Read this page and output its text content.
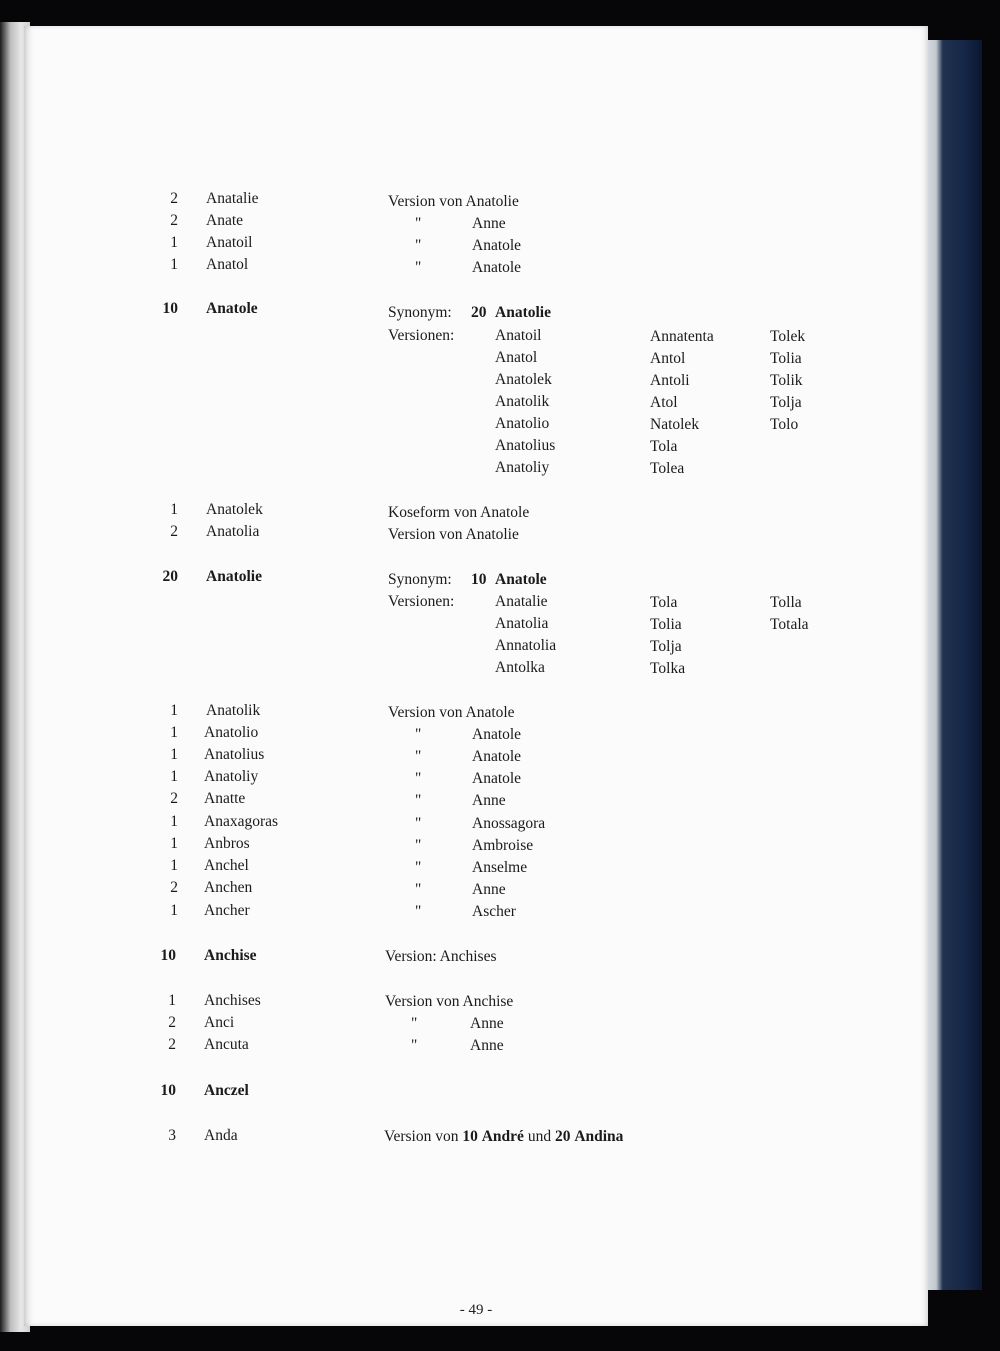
2 Anatalie	Version von Anatolie
2 Anate	"	Anne
1 Anatoil	"	Anatole
1 Anatol	"	Anatole
10 Anatole	Synonym: 20 Anatolie
Versionen:	Anatoil	Annatenta	Tolek
Anatol	Antol	Tolia
Anatolek	Antoli	Tolik
Anatolik	Atol	Tolja
Anatolio	Natolek	Tolo
Anatolius	Tola
Anatoliy	Tolea
1 Anatolek	Koseform von Anatole
2 Anatolia	Version von Anatolie
20 Anatolie	Synonym: 10 Anatole
Versionen:	Anatalie	Tola	Tolla
Anatolia	Tolia	Totala
Annatolia	Tolja
Antolka	Tolka
1 Anatolik	Version von Anatole
1 Anatolio	"	Anatole
1 Anatolius	"	Anatole
1 Anatoliy	"	Anatole
2 Anatte	"	Anne
1 Anaxagoras	"	Anossagora
1 Anbros	"	Ambroise
1 Anchel	"	Anselme
2 Anchen	"	Anne
1 Ancher	"	Ascher
10 Anchise	Version: Anchises
1 Anchises	Version von Anchise
2 Anci	"	Anne
2 Ancuta	"	Anne
10 Anczel
3 Anda	Version von 10 André und 20 Andina
- 49 -
